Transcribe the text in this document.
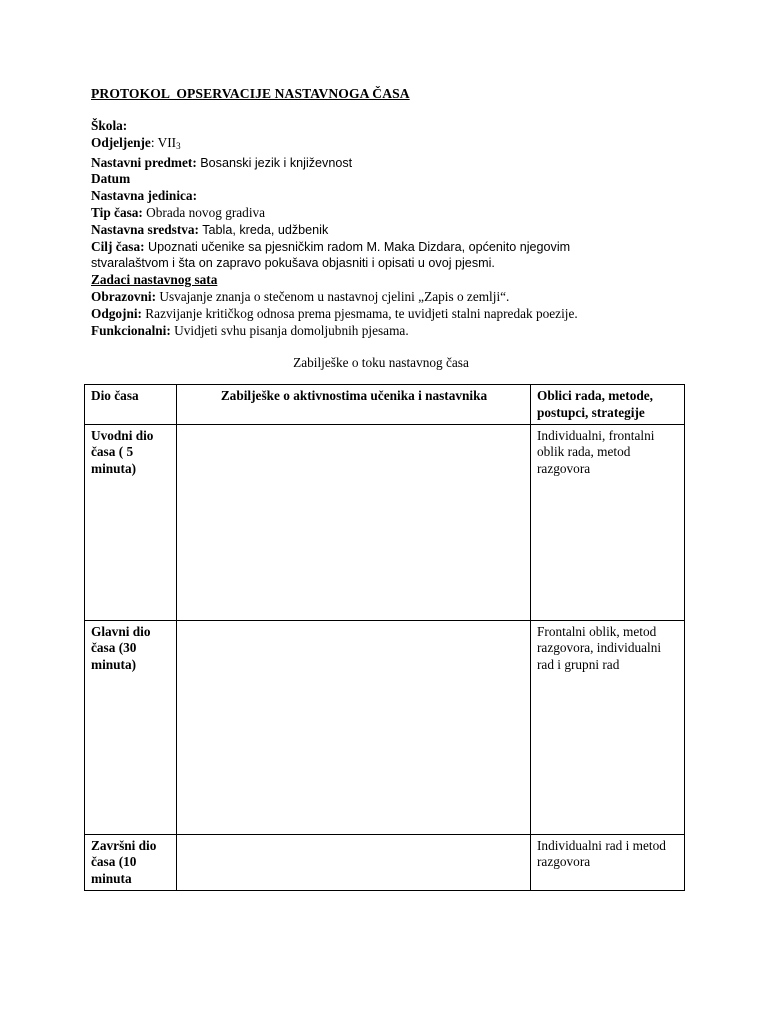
PROTOKOL  OPSERVACIJE NASTAVNOGA ČASA
Škola:
Odjeljenje: $VII_3$
Nastavni predmet: Bosanski jezik i književnost
Datum
Nastavna jedinica:
Tip časa: Obrada novog gradiva
Nastavna sredstva: Tabla, kreda, udžbenik
Cilj časa: Upoznati učenike sa pjesničkim radom M. Maka Dizdara, općenito njegovim
stvaralaštvom i šta on zapravo pokušava objasniti i opisati u ovoj pjesmi.
Zadaci nastavnog sata
Obrazovni: Usvajanje znanja o stečenom u nastavnoj cjelini „Zapis o zemlji“.
Odgojni: Razvijanje kritičkog odnosa prema pjesmama, te uvidjeti stalni napredak poezije.
Funkcionalni: Uvidjeti svhu pisanja domoljubnih pjesama.
Zabilješke o toku nastavnog časa
Dio časa	Zabilješke o aktivnostima učenika i nastavnika	Oblici rada, metode, postupci, strategije
Uvodni dio časa ( 5 minuta)		Individualni, frontalni oblik rada, metod razgovora
Glavni dio časa (30 minuta)		Frontalni oblik, metod razgovora, individualni rad i grupni rad
Završni dio časa (10 minuta		Individualni rad i metod razgovora
